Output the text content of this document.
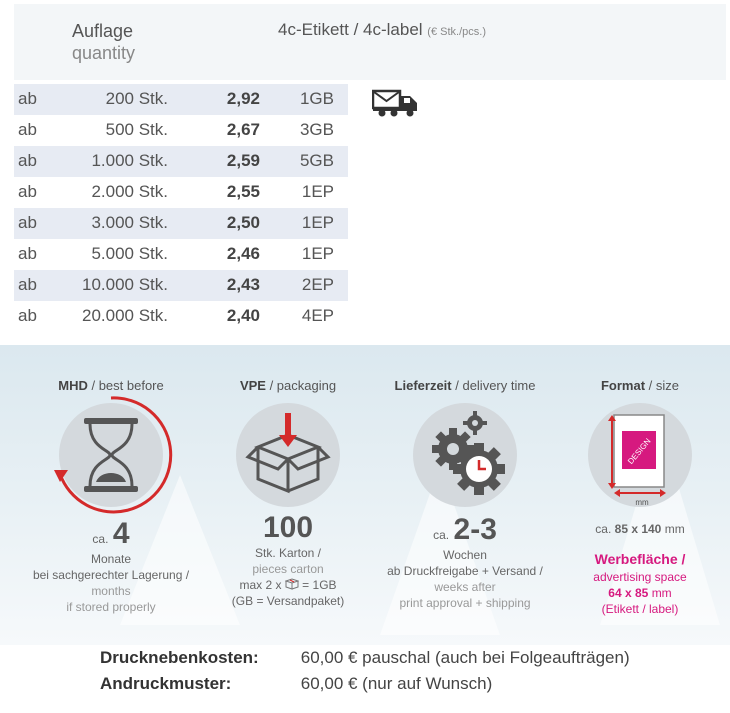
Auflage
quantity
4c-Etikett / 4c-label (€ Stk./pcs.)
ab	200 Stk.	2,92 1GB
ab	500 Stk.	2,67 3GB
ab	1.000 Stk.	2,59 5GB
ab	2.000 Stk.	2,55 1EP
ab	3.000 Stk.	2,50 1EP
ab	5.000 Stk.	2,46 1EP
ab	10.000 Stk.	2,43 2EP
ab	20.000 Stk.	2,40 4EP
MHD / best before
ca. 4
Monate
bei sachgerechter Lagerung /
months
if stored properly
VPE / packaging
100
Stk. Karton /
pieces carton
max 2 x = 1GB
(GB = Versandpaket)
Lieferzeit / delivery time
ca. 2-3
Wochen
ab Druckfreigabe + Versand /
weeks after
print approval + shipping
Format / size
DESIGN
mm
ca. 85 x 140 mm
Werbefläche /
advertising space
64 x 85 mm
(Etikett / label)
Drucknebenkosten: 60,00 € pauschal (auch bei Folgeaufträgen)
Andruckmuster:	60,00 € (nur auf Wunsch)
